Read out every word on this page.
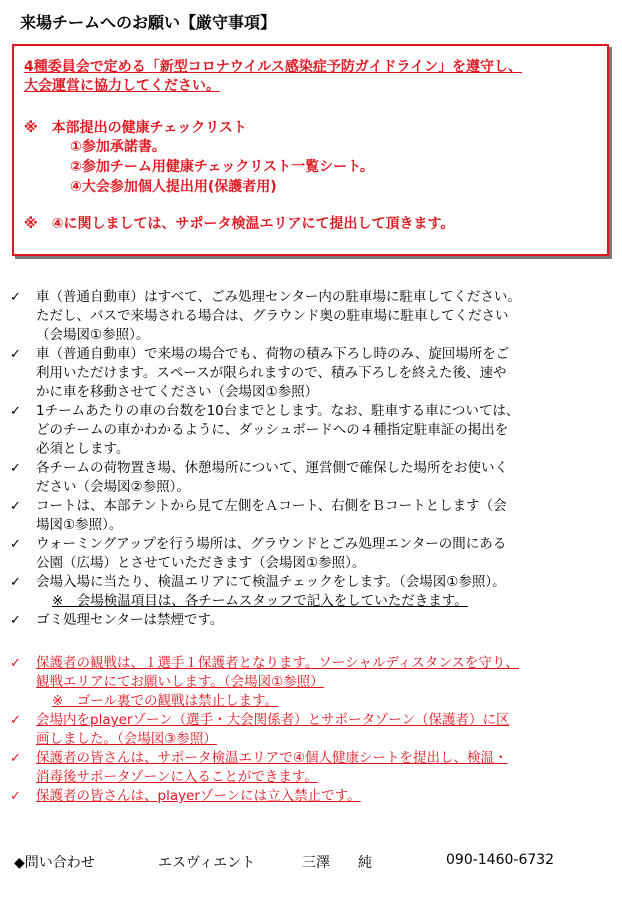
来場チームへのお願い【厳守事項】
4種委員会で定める「新型コロナウイルス感染症予防ガイドライン」を遵守し、
大会運営に協力してください。
※　本部提出の健康チェックリスト
①参加承諾書。
②参加チーム用健康チェックリスト一覧シート。
④大会参加個人提出用(保護者用)
※　④に関しましては、サポータ検温エリアにて提出して頂きます。
✓ 車（普通自動車）はすべて、ごみ処理センター内の駐車場に駐車してください。
ただし、バスで来場される場合は、グラウンド奥の駐車場に駐車してください
（会場図①参照）。
✓ 車（普通自動車）で来場の場合でも、荷物の積み下ろし時のみ、旋回場所をご
利用いただけます。スペースが限られますので、積み下ろしを終えた後、速や
かに車を移動させてください（会場図①参照）
✓ 1チームあたりの車の台数を10台までとします。なお、駐車する車については、
どのチームの車かわかるように、ダッシュボードへの４種指定駐車証の掲出を
必須とします。
✓ 各チームの荷物置き場、休憩場所について、運営側で確保した場所をお使いく
ださい（会場図②参照）。
✓ コートは、本部テントから見て左側をＡコート、右側をＢコートとします（会
場図①参照）。
✓ ウォーミングアップを行う場所は、グラウンドとごみ処理エンターの間にある
公園（広場）とさせていただきます（会場図①参照）。
✓ 会場入場に当たり、検温エリアにて検温チェックをします。（会場図①参照）。
※　会場検温項目は、各チームスタッフで記入をしていただきます。
✓ ゴミ処理センターは禁煙です。
✓ 保護者の観戦は、１選手１保護者となります。ソーシャルディスタンスを守り、
観戦エリアにてお願いします。（会場図①参照）
※　ゴール裏での観戦は禁止します。
✓ 会場内をplayerゾーン（選手・大会関係者）とサポータゾーン（保護者）に区
画しました。（会場図③参照）
✓ 保護者の皆さんは、サポータ検温エリアで④個人健康シートを提出し、検温・
消毒後サポータゾーンに入ることができます。
✓ 保護者の皆さんは、playerゾーンには立入禁止です。
◆問い合わせ	エスヴィエント	三澤　　純	090-1460-6732
